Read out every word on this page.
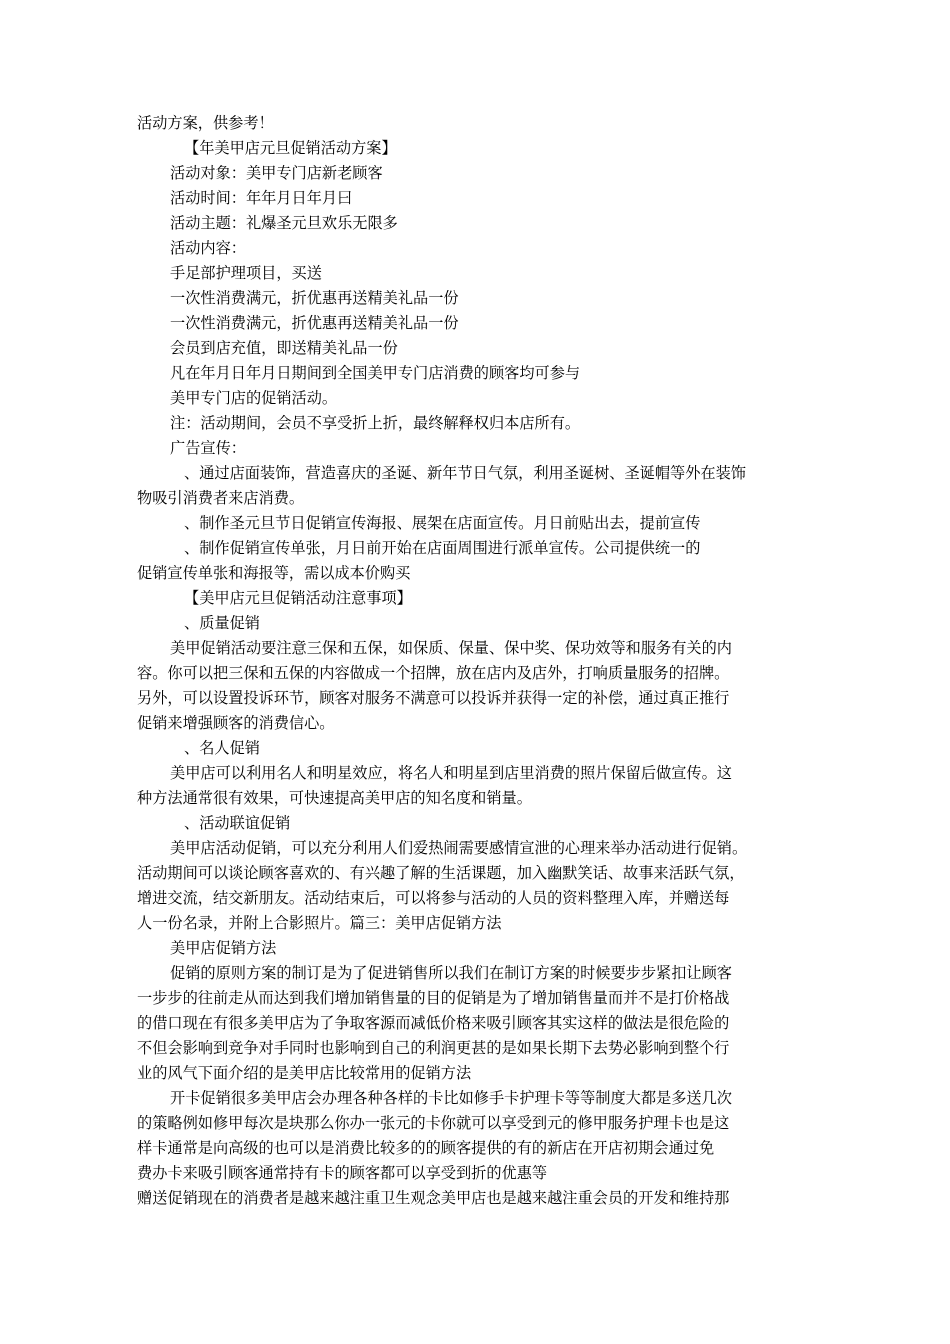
活动方案，供参考！
【年美甲店元旦促销活动方案】
活动对象：美甲专门店新老顾客
活动时间：年年月日年月曰
活动主题：礼爆圣元旦欢乐无限多
活动内容：
手足部护理项目，买送
一次性消费满元，折优惠再送精美礼品一份
一次性消费满元，折优惠再送精美礼品一份
会员到店充值，即送精美礼品一份
凡在年月日年月日期间到全国美甲专门店消费的顾客均可参与
美甲专门店的促销活动。
注：活动期间，会员不享受折上折，最终解释权归本店所有。
广告宣传：
、通过店面装饰，营造喜庆的圣诞、新年节日气氛，利用圣诞树、圣诞帽等外在装饰
物吸引消费者来店消费。
、制作圣元旦节日促销宣传海报、展架在店面宣传。月日前贴出去，提前宣传
、制作促销宣传单张，月日前开始在店面周围进行派单宣传。公司提供统一的
促销宣传单张和海报等，需以成本价购买
【美甲店元旦促销活动注意事项】
、质量促销
美甲促销活动要注意三保和五保，如保质、保量、保中奖、保功效等和服务有关的内
容。你可以把三保和五保的内容做成一个招牌，放在店内及店外，打响质量服务的招牌。
另外，可以设置投诉环节，顾客对服务不满意可以投诉并获得一定的补偿，通过真正推行
促销来增强顾客的消费信心。
、名人促销
美甲店可以利用名人和明星效应，将名人和明星到店里消费的照片保留后做宣传。这
种方法通常很有效果，可快速提高美甲店的知名度和销量。
、活动联谊促销
美甲店活动促销，可以充分利用人们爱热闹需要感情宣泄的心理来举办活动进行促销。
活动期间可以谈论顾客喜欢的、有兴趣了解的生活课题，加入幽默笑话、故事来活跃气氛，
增进交流，结交新朋友。活动结束后，可以将参与活动的人员的资料整理入库，并赠送每
人一份名录，并附上合影照片。篇三：美甲店促销方法
美甲店促销方法
促销的原则方案的制订是为了促进销售所以我们在制订方案的时候要步步紧扣让顾客
一步步的往前走从而达到我们增加销售量的目的促销是为了增加销售量而并不是打价格战
的借口现在有很多美甲店为了争取客源而减低价格来吸引顾客其实这样的做法是很危险的
不但会影响到竞争对手同时也影响到自己的利润更甚的是如果长期下去势必影响到整个行
业的风气下面介绍的是美甲店比较常用的促销方法
开卡促销很多美甲店会办理各种各样的卡比如修手卡护理卡等等制度大都是多送几次
的策略例如修甲每次是块那么你办一张元的卡你就可以享受到元的修甲服务护理卡也是这
样卡通常是向高级的也可以是消费比较多的的顾客提供的有的新店在开店初期会通过免
费办卡来吸引顾客通常持有卡的顾客都可以享受到折的优惠等
赠送促销现在的消费者是越来越注重卫生观念美甲店也是越来越注重会员的开发和维持那
